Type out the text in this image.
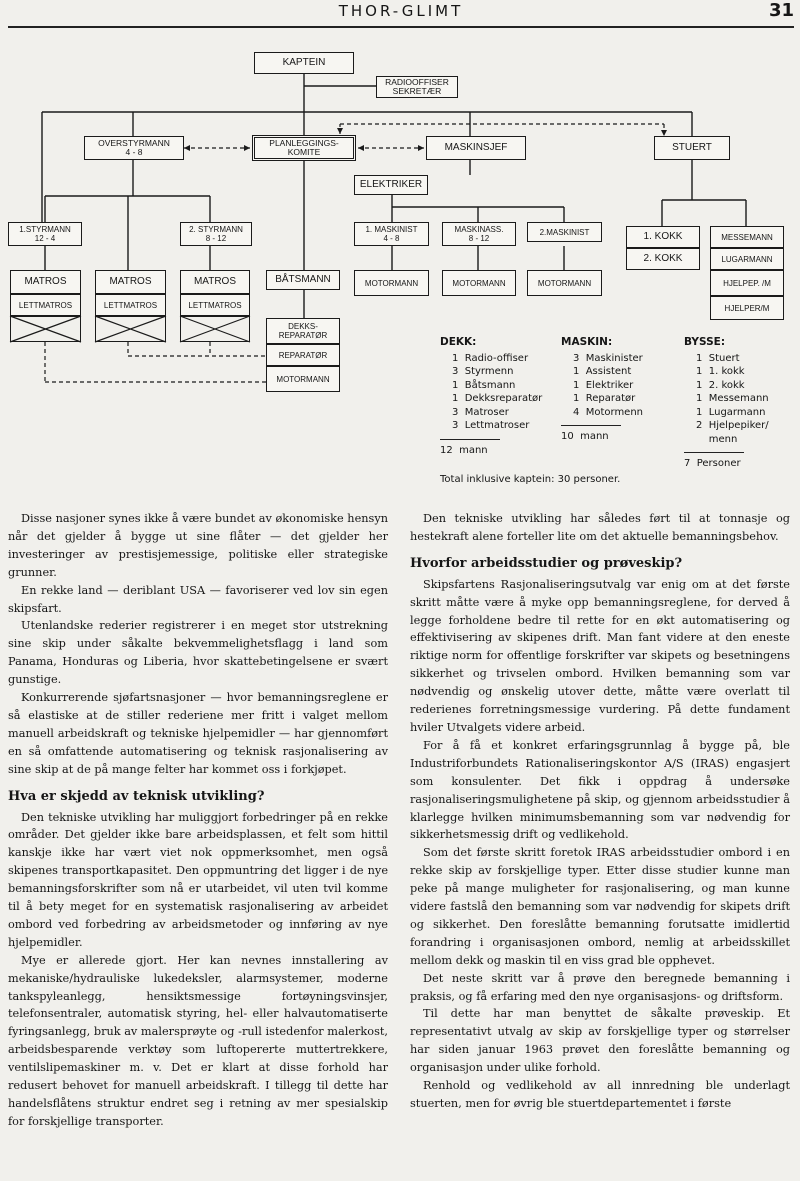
THOR-GLIMT	31
KAPTEIN
RADIOOFFISER
SEKRETÆR
OVERSTYRMANN
4 - 8
PLANLEGGINGS-
KOMITE	MASKINSJEF	STUERT
ELEKTRIKER
1.STYRMANN
12 - 4
2. STYRMANN
8 - 12
1. MASKINIST
4 - 8
MASKINASS.
8 - 12
2.MASKINIST
MATROS
LETTMATROS
MATROS
LETTMATROS
MATROS
LETTMATROS
BÅTSMANN
DEKKS-
REPARATØR
REPARATØR
MOTORMANN
MOTORMANN	MOTORMANN	MOTORMANN
1. KOKK
2. KOKK
MESSEMANN
LUGARMANN
HJELPEP. /M
HJELPER/M
DEKK:
1  Radio-offiser
3  Styrmenn
1  Båtsmann
1  Dekksreparatør
3  Matroser
3  Lettmatroser
12  mann
MASKIN:
3  Maskinister
1  Assistent
1  Elektriker
1  Reparatør
4  Motormenn
10  mann
BYSSE:
1  Stuert
1  1. kokk
1  2. kokk
1  Messemann
1  Lugarmann
2  Hjelpepiker/
menn
7  Personer
Total inklusive kaptein: 30 personer.

Disse nasjoner synes ikke å være bundet av økonomiske hensyn når det gjelder å bygge ut sine flåter — det gjelder her investeringer av prestisjemessige, politiske eller strategiske grunner.

En rekke land — deriblant USA — favoriserer ved lov sin egen skipsfart.

Utenlandske rederier registrerer i en meget stor utstrekning sine skip under såkalte bekvemmelighetsflagg i land som Panama, Honduras og Liberia, hvor skattebetingelsene er svært gunstige.

Konkurrerende sjøfartsnasjoner — hvor bemanningsreglene er så elastiske at de stiller rederiene mer fritt i valget mellom manuell arbeidskraft og tekniske hjelpemidler — har gjennomført en så omfattende automatisering og teknisk rasjonalisering av sine skip at de på mange felter har kommet oss i forkjøpet.

Hva er skjedd av teknisk utvikling?

Den tekniske utvikling har muliggjort forbedringer på en rekke områder. Det gjelder ikke bare arbeidsplassen, et felt som hittil kanskje ikke har vært viet nok oppmerksomhet, men også skipenes transportkapasitet. Den oppmuntring det ligger i de nye bemanningsforskrifter som nå er utarbeidet, vil uten tvil komme til å bety meget for en systematisk rasjonalisering av arbeidet ombord ved forbedring av arbeidsmetoder og innføring av nye hjelpemidler.

Mye er allerede gjort. Her kan nevnes innstallering av mekaniske/hydrauliske lukedeksler, alarmsystemer, moderne tankspyleanlegg, hensiktsmessige fortøyningsvinsjer, telefonsentraler, automatisk styring, hel- eller halvautomatiserte fyringsanlegg, bruk av malersprøyte og -rull istedenfor malerkost, arbeidsbesparende verktøy som luftopererte muttertrekkere, ventilslipemaskiner m. v. Det er klart at disse forhold har redusert behovet for manuell arbeidskraft. I tillegg til dette har handelsflåtens struktur endret seg i retning av mer spesialskip for forskjellige transporter.

Den tekniske utvikling har således ført til at tonnasje og hestekraft alene forteller lite om det aktuelle bemanningsbehov.

Hvorfor arbeidsstudier og prøveskip?

Skipsfartens Rasjonaliseringsutvalg var enig om at det første skritt måtte være å myke opp bemanningsreglene, for derved å legge forholdene bedre til rette for en økt automatisering og effektivisering av skipenes drift. Man fant videre at den eneste riktige norm for offentlige forskrifter var skipets og besetningens sikkerhet og trivselen ombord. Hvilken bemanning som var nødvendig og ønskelig utover dette, måtte være overlatt til rederienes forretningsmessige vurdering. På dette fundament hviler Utvalgets videre arbeid.

For å få et konkret erfaringsgrunnlag å bygge på, ble Industriforbundets Rationaliseringskontor A/S (IRAS) engasjert som konsulenter. Det fikk i oppdrag å undersøke rasjonaliseringsmulighetene på skip, og gjennom arbeidsstudier å klarlegge hvilken minimumsbemanning som var nødvendig for sikkerhetsmessig drift og vedlikehold.

Som det første skritt foretok IRAS arbeidsstudier ombord i en rekke skip av forskjellige typer. Etter disse studier kunne man peke på mange muligheter for rasjonalisering, og man kunne videre fastslå den bemanning som var nødvendig for skipets drift og sikkerhet. Den foreslåtte bemanning forutsatte imidlertid forandring i organisasjonen ombord, nemlig at arbeidsskillet mellom dekk og maskin til en viss grad ble opphevet.

Det neste skritt var å prøve den beregnede bemanning i praksis, og få erfaring med den nye organisasjons- og driftsform.

Til dette har man benyttet de såkalte prøveskip. Et representativt utvalg av skip av forskjellige typer og størrelser har siden januar 1963 prøvet den foreslåtte bemanning og organisasjon under ulike forhold.

Renhold og vedlikehold av all innredning ble underlagt stuerten, men for øvrig ble stuertdepartementet i første
